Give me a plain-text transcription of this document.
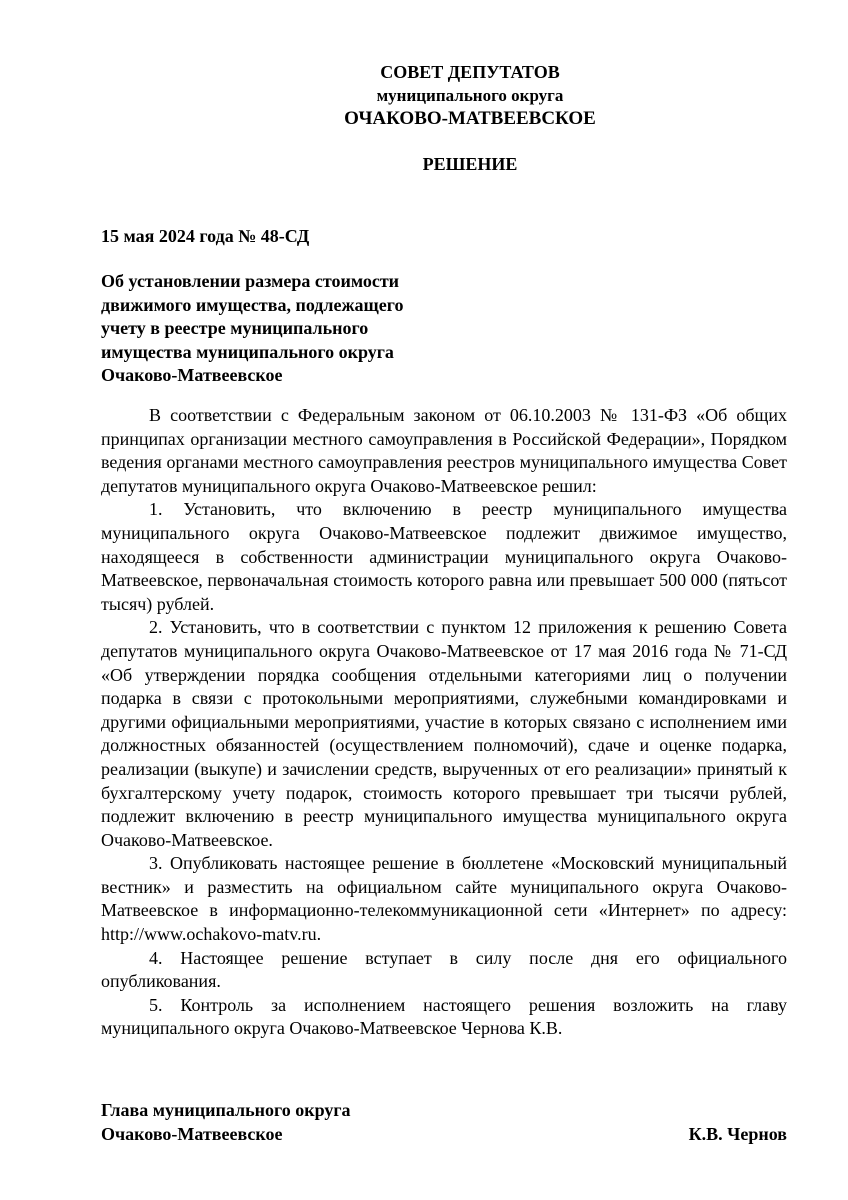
СОВЕТ ДЕПУТАТОВ

муниципального округа

ОЧАКОВО-МАТВЕЕВСКОЕ

РЕШЕНИЕ

15 мая 2024 года № 48-СД

Об установлении размера стоимости
движимого имущества, подлежащего
учету в реестре муниципального
имущества муниципального округа
Очаково-Матвеевское

В соответствии с Федеральным законом от 06.10.2003 № 131-ФЗ «Об общих принципах организации местного самоуправления в Российской Федерации», Порядком ведения органами местного самоуправления реестров муниципального имущества Совет депутатов муниципального округа Очаково-Матвеевское решил:

1. Установить, что включению в реестр муниципального имущества муниципального округа Очаково-Матвеевское подлежит движимое имущество, находящееся в собственности администрации муниципального округа Очаково-Матвеевское, первоначальная стоимость которого равна или превышает 500 000 (пятьсот тысяч) рублей.

2. Установить, что в соответствии с пунктом 12 приложения к решению Совета депутатов муниципального округа Очаково-Матвеевское от 17 мая 2016 года № 71-СД «Об утверждении порядка сообщения отдельными категориями лиц о получении подарка в связи с протокольными мероприятиями, служебными командировками и другими официальными мероприятиями, участие в которых связано с исполнением ими должностных обязанностей (осуществлением полномочий), сдаче и оценке подарка, реализации (выкупе) и зачислении средств, вырученных от его реализации» принятый к бухгалтерскому учету подарок, стоимость которого превышает три тысячи рублей, подлежит включению в реестр муниципального имущества муниципального округа Очаково-Матвеевское.

3. Опубликовать настоящее решение в бюллетене «Московский муниципальный вестник» и разместить на официальном сайте муниципального округа Очаково-Матвеевское в информационно-телекоммуникационной сети «Интернет» по адресу: http://www.ochakovo-matv.ru.

4. Настоящее решение вступает в силу после дня его официального опубликования.

5. Контроль за исполнением настоящего решения возложить на главу муниципального округа Очаково-Матвеевское Чернова К.В.

Глава муниципального округа
Очаково-Матвеевское	К.В. Чернов
